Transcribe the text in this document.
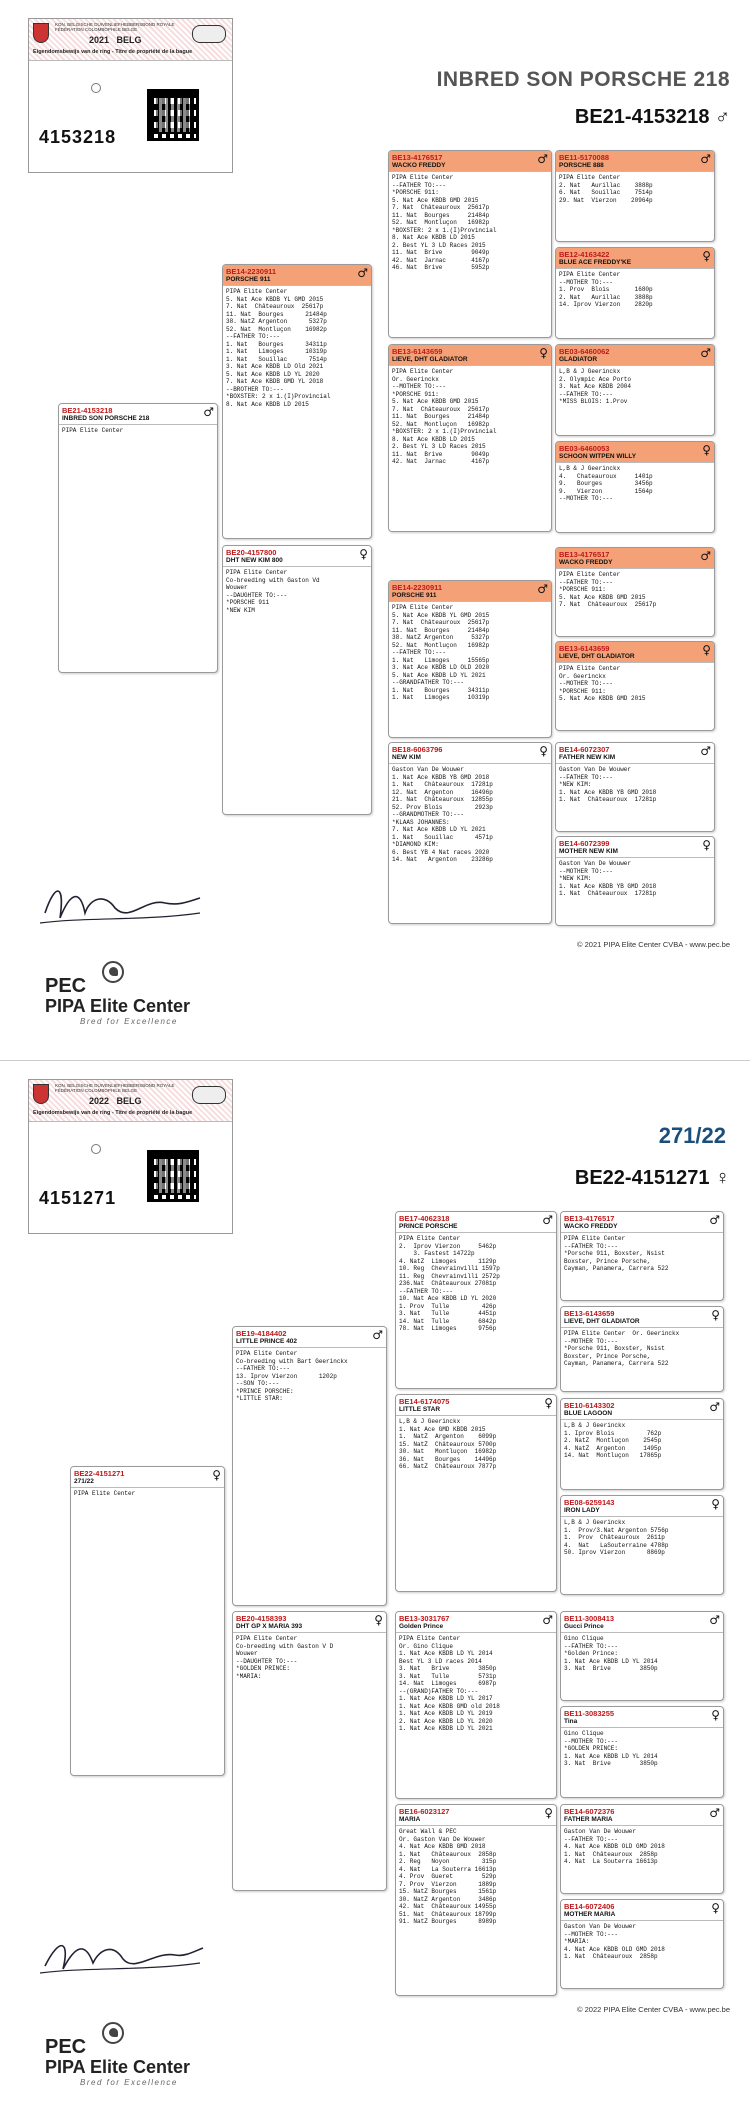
KON. BELGISCHE DUIVENLIEFHEBBERSBOND ROYALE FÉDÉRATION COLOMBOPHILE BELGE
2021 BELG
Eigendomsbewijs van de ring - Titre de propriété de la bague
4153218
INBRED SON PORSCHE 218
BE21-4153218 ♂
BE21-4153218
INBRED SON PORSCHE 218	♂
PIPA Elite Center
BE14-2230911
PORSCHE 911	♂
PIPA Elite Center
5. Nat Ace KBDB YL GMD 2015
7. Nat  Châteauroux  25617p
11. Nat  Bourges      21484p
38. NatZ Argenton      5327p
52. Nat  Montluçon    16982p
--FATHER TO:---
1. Nat   Bourges      34311p
1. Nat   Limoges      10319p
1. Nat   Souillac      7514p
3. Nat Ace KBDB LD Old 2021
5. Nat Ace KBDB LD YL 2020
7. Nat Ace KBDB GMD YL 2018
--BROTHER TO:---
*BOXSTER: 2 x 1.(I)Provincial
8. Nat Ace KBDB LD 2015
BE20-4157800
DHT NEW KIM 800	♀
PIPA Elite Center
Co-breeding with Gaston Vd
Wouwer
--DAUGHTER TO:---
*PORSCHE 911
*NEW KIM
BE13-4176517
WACKO FREDDY	♂
PIPA Elite Center
--FATHER TO:---
*PORSCHE 911:
5. Nat Ace KBDB GMD 2015
7. Nat  Châteauroux  25617p
11. Nat  Bourges     21484p
52. Nat  Montluçon   16982p
*BOXSTER: 2 x 1.(I)Provincial
8. Nat Ace KBDB LD 2015
2. Best YL 3 LD Races 2015
11. Nat  Brive        9049p
42. Nat  Jarnac       4167p
46. Nat  Brive        5952p
BE13-6143659
LIEVE, DHT GLADIATOR	♀
PIPA Elite Center
Or. Geerinckx
--MOTHER TO:---
*PORSCHE 911:
5. Nat Ace KBDB GMD 2015
7. Nat  Châteauroux  25617p
11. Nat  Bourges     21484p
52. Nat  Montluçon   16982p
*BOXSTER: 2 x 1.(I)Provincial
8. Nat Ace KBDB LD 2015
2. Best YL 3 LD Races 2015
11. Nat  Brive        9049p
42. Nat  Jarnac       4167p
BE14-2230911
PORSCHE 911	♂
PIPA Elite Center
5. Nat Ace KBDB YL GMD 2015
7. Nat  Châteauroux  25617p
11. Nat  Bourges     21484p
38. NatZ Argenton     5327p
52. Nat  Montluçon   16982p
--FATHER TO:---
1. Nat   Limoges     15565p
3. Nat Ace KBDB LD OLD 2020
5. Nat Ace KBDB LD YL 2021
--GRANDFATHER TO:---
1. Nat   Bourges     34311p
1. Nat   Limoges     10319p
BE18-6063796
NEW KIM	♀
Gaston Van De Wouwer
1. Nat Ace KBDB YB GMD 2018
1. Nat   Châteauroux  17281p
12. Nat  Argenton     16496p
21. Nat  Châteauroux  12855p
52. Prov Blois         2923p
--GRANDMOTHER TO:---
*KLAAS JOHANNES:
7. Nat Ace KBDB LD YL 2021
1. Nat   Souillac      4571p
*DIAMOND KIM:
6. Best YB 4 Nat races 2020
14. Nat   Argenton    23286p
BE11-5170088
PORSCHE 888	♂
PIPA Elite Center
2. Nat   Aurillac    3888p
6. Nat   Souillac    7514p
29. Nat  Vierzon    20964p
BE12-4163422
BLUE ACE FREDDY'KE	♀
PIPA Elite Center
--MOTHER TO:---
1. Prov  Blois       1680p
2. Nat   Aurillac    3888p
14. Iprov Vierzon    2820p
BE03-6460062
GLADIATOR	♂
L,B & J Geerinckx
2. Olympic Ace Porto
3. Nat Ace KBDB 2004
--FATHER TO:---
*MISS BLOIS: 1.Prov
BE03-6460053
SCHOON WITPEN WILLY	♀
L,B & J Geerinckx
4.   Chateauroux     1401p
9.   Bourges         3456p
9.   Vierzon         1564p
--MOTHER TO:---
BE13-4176517
WACKO FREDDY	♂
PIPA Elite Center
--FATHER TO:---
*PORSCHE 911:
5. Nat Ace KBDB GMD 2015
7. Nat  Châteauroux  25617p
BE13-6143659
LIEVE, DHT GLADIATOR	♀
PIPA Elite Center
Or. Geerinckx
--MOTHER TO:---
*PORSCHE 911:
5. Nat Ace KBDB GMD 2015
BE14-6072307
FATHER NEW KIM	♂
Gaston Van De Wouwer
--FATHER TO:---
*NEW KIM:
1. Nat Ace KBDB YB GMD 2018
1. Nat  Châteauroux  17281p
BE14-6072399
MOTHER NEW KIM	♀
Gaston Van De Wouwer
--MOTHER TO:---
*NEW KIM:
1. Nat Ace KBDB YB GMD 2018
1. Nat  Châteauroux  17281p
PEC
PIPA Elite Center
Bred for Excellence
© 2021 PIPA Elite Center CVBA - www.pec.be
KON. BELGISCHE DUIVENLIEFHEBBERSBOND ROYALE FÉDÉRATION COLOMBOPHILE BELGE
2022 BELG
Eigendomsbewijs van de ring - Titre de propriété de la bague
4151271
271/22
BE22-4151271 ♀
BE22-4151271
271/22	♀
PIPA Elite Center
BE19-4184402
LITTLE PRINCE 402	♂
PIPA Elite Center
Co-breeding with Bart Geerinckx
--FATHER TO:---
13. Iprov Vierzon      1202p
--SON TO:---
*PRINCE PORSCHE:
*LITTLE STAR:
BE20-4158393
DHT GP X MARIA 393	♀
PIPA Elite Center
Co-breeding with Gaston V D
Wouwer
--DAUGHTER TO:---
*GOLDEN PRINCE:
*MARIA:
BE17-4062318
PRINCE PORSCHE	♂
PIPA Elite Center
2.  Iprov Vierzon     5462p
3. Fastest 14722p
4. NatZ  Limoges      1129p
10. Reg  Chevrainvilli 1597p
11. Reg  Chevrainvilli 2572p
236.Nat  Châteauroux 27081p
--FATHER TO:---
10. Nat Ace KBDB LD YL 2020
1. Prov  Tulle         426p
3. Nat   Tulle        4451p
14. Nat  Tulle        6842p
78. Nat  Limoges      9756p
BE14-6174075
LITTLE STAR	♀
L,B & J Geerinckx
1. Nat Ace GMD KBDB 2015
1.  NatZ  Argenton    6099p
15. NatZ  Châteauroux 5700p
30. Nat   Montluçon  16982p
36. Nat   Bourges    14496p
66. NatZ  Châteauroux 7877p
BE13-3031767
Golden Prince	♂
PIPA Elite Center
Or. Gino Clique
1. Nat Ace KBDB LD YL 2014
Best YL 3 LD races 2014
3. Nat   Brive        3850p
3. Nat   Tulle        5731p
14. Nat  Limoges      6987p
--(GRAND)FATHER TO:---
1. Nat Ace KBDB LD YL 2017
1. Nat Ace KBDB GMD old 2018
1. Nat Ace KBDB LD YL 2019
2. Nat Ace KBDB LD YL 2020
1. Nat Ace KBDB LD YL 2021
BE16-6023127
MARIA	♀
Great Wall & PEC
Or. Gaston Van De Wouwer
4. Nat Ace KBDB GMD 2018
1. Nat   Châteauroux  2858p
2. Reg   Noyon         315p
4. Nat   La Souterra 16613p
4. Prov  Gueret        529p
7. Prov  Vierzon      1889p
15. NatZ Bourges      1561p
30. NatZ Argenton     3486p
42. Nat  Châteauroux 14955p
51. Nat  Châteauroux 18799p
91. NatZ Bourges      8989p
BE13-4176517
WACKO FREDDY	♂
PIPA Elite Center
--FATHER TO:---
*Porsche 911, Boxster, Nsist
Boxster, Prince Porsche,
Cayman, Panamera, Carrera 522
BE13-6143659
LIEVE, DHT GLADIATOR	♀
PIPA Elite Center  Or. Geerinckx
--MOTHER TO:---
*Porsche 911, Boxster, Nsist
Boxster, Prince Porsche,
Cayman, Panamera, Carrera 522
BE10-6143302
BLUE LAGOON	♂
L,B & J Geerinckx
1. Iprov Blois         762p
2. NatZ  Montluçon    2545p
4. NatZ  Argenton     1495p
14. Nat  Montluçon   17865p
BE08-6259143
IRON LADY	♀
L,B & J Geerinckx
1.  Prov/3.Nat Argenton 5756p
1.  Prov  Châteauroux  2611p
4.  Nat   LaSouterraine 4788p
50. Iprov Vierzon      8869p
BE11-3008413
Gucci Prince	♂
Gino Clique
--FATHER TO:---
*Golden Prince:
1. Nat Ace KBDB LD YL 2014
3. Nat  Brive        3850p
BE11-3083255
Tina	♀
Gino Clique
--MOTHER TO:---
*GOLDEN PRINCE:
1. Nat Ace KBDB LD YL 2014
3. Nat  Brive        3850p
BE14-6072376
FATHER MARIA	♂
Gaston Van De Wouwer
--FATHER TO:---
4. Nat Ace KBDB OLD GMD 2018
1. Nat  Châteauroux  2858p
4. Nat  La Souterra 16613p
BE14-6072406
MOTHER MARIA	♀
Gaston Van De Wouwer
--MOTHER TO:---
*MARIA:
4. Nat Ace KBDB OLD GMD 2018
1. Nat  Châteauroux  2858p
PEC
PIPA Elite Center
Bred for Excellence
© 2022 PIPA Elite Center CVBA - www.pec.be
